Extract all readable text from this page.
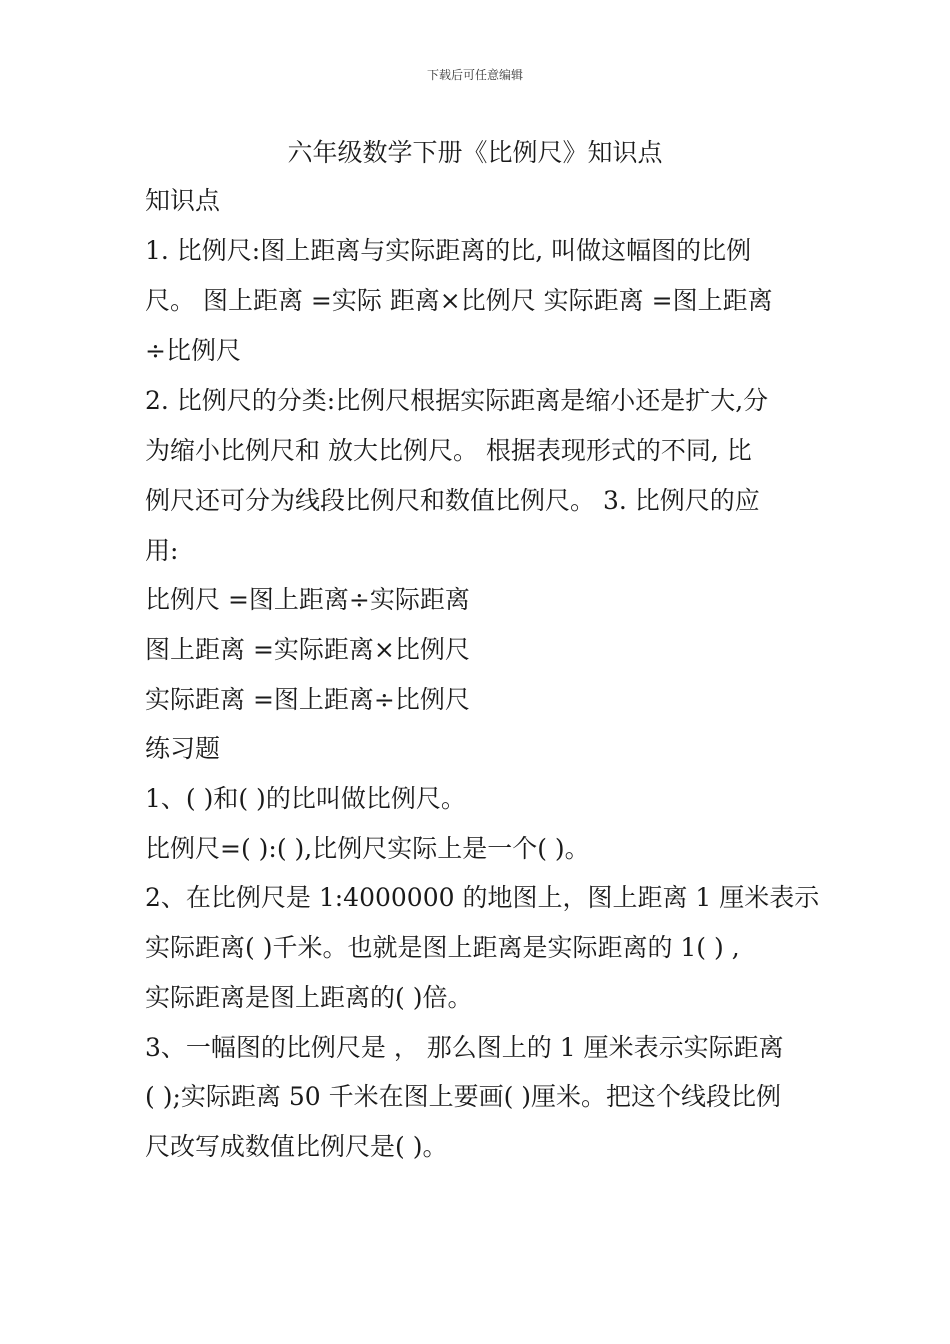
下载后可任意编辑
六年级数学下册《比例尺》知识点
知识点
1. 比例尺:图上距离与实际距离的比, 叫做这幅图的比例
尺。 图上距离 =实际 距离×比例尺 实际距离 =图上距离
÷比例尺
2. 比例尺的分类:比例尺根据实际距离是缩小还是扩大,分
为缩小比例尺和 放大比例尺。 根据表现形式的不同, 比
例尺还可分为线段比例尺和数值比例尺。 3. 比例尺的应
用:
比例尺 =图上距离÷实际距离
图上距离 =实际距离×比例尺
实际距离 =图上距离÷比例尺
练习题
1、( )和( )的比叫做比例尺。
比例尺=( ):( ),比例尺实际上是一个( )。
2、在比例尺是 1:4000000 的地图上，图上距离 1 厘米表示
实际距离( )千米。也就是图上距离是实际距离的 1( ) ,
实际距离是图上距离的( )倍。
3、一幅图的比例尺是 ， 那么图上的 1 厘米表示实际距离
( );实际距离 50 千米在图上要画( )厘米。把这个线段比例
尺改写成数值比例尺是( )。
